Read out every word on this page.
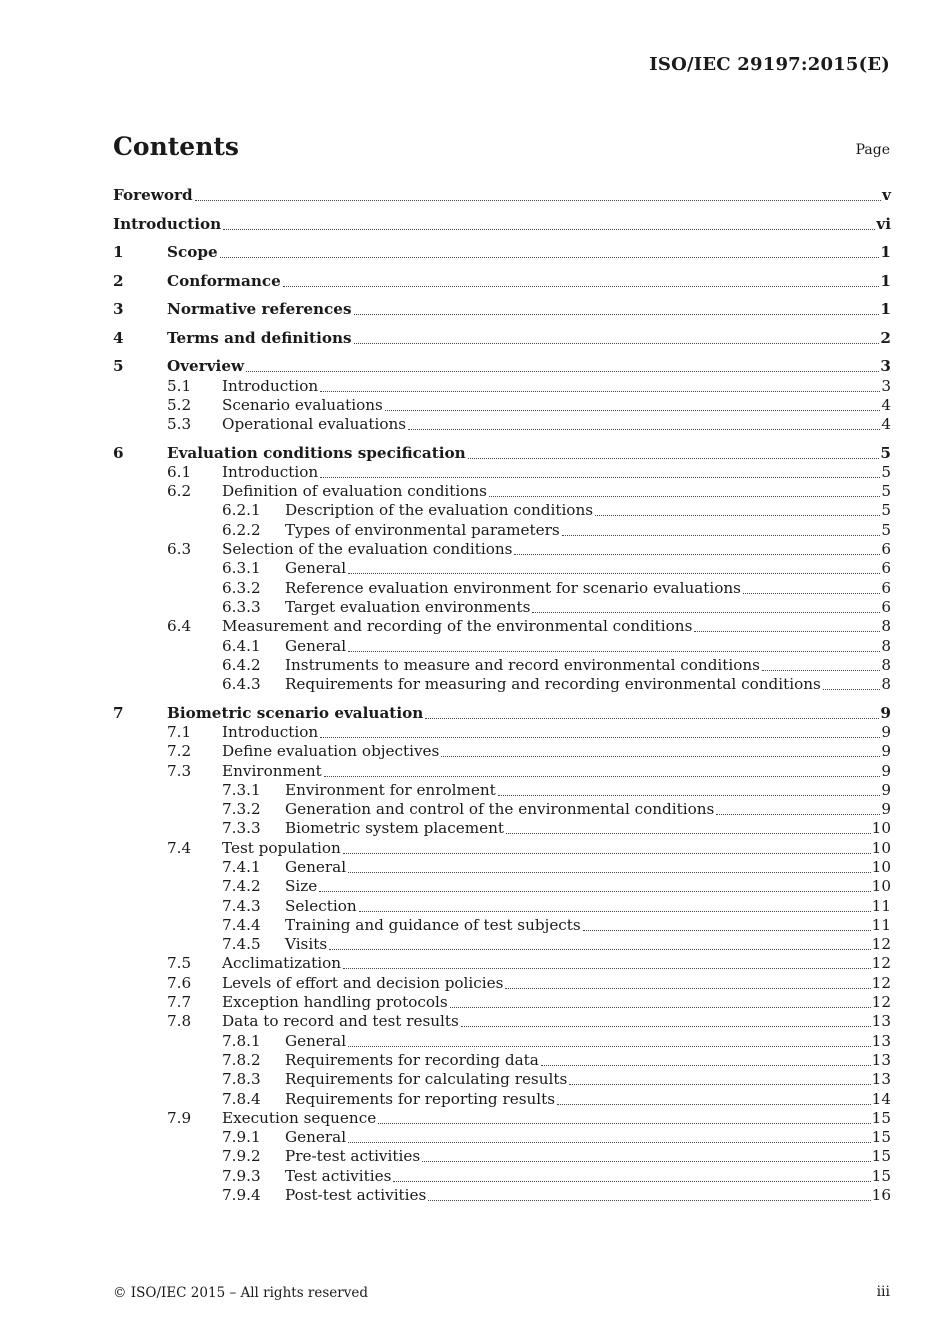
ISO/IEC 29197:2015(E)
Contents	Page
Foreword	v
Introduction	vi
1	Scope	1
2	Conformance	1
3	Normative references	1
4	Terms and definitions	2
5	Overview	3
5.1 Introduction	3
5.2 Scenario evaluations	4
5.3 Operational evaluations	4
6	Evaluation conditions specification	5
6.1 Introduction	5
6.2 Definition of evaluation conditions	5
6.2.1 Description of the evaluation conditions	5
6.2.2 Types of environmental parameters	5
6.3 Selection of the evaluation conditions	6
6.3.1 General	6
6.3.2 Reference evaluation environment for scenario evaluations	6
6.3.3 Target evaluation environments	6
6.4 Measurement and recording of the environmental conditions	8
6.4.1 General	8
6.4.2 Instruments to measure and record environmental conditions	8
6.4.3 Requirements for measuring and recording environmental conditions	8
7	Biometric scenario evaluation	9
7.1 Introduction	9
7.2 Define evaluation objectives	9
7.3 Environment	9
7.3.1 Environment for enrolment	9
7.3.2 Generation and control of the environmental conditions	9
7.3.3 Biometric system placement	10
7.4 Test population	10
7.4.1 General	10
7.4.2 Size	10
7.4.3 Selection	11
7.4.4 Training and guidance of test subjects	11
7.4.5 Visits	12
7.5 Acclimatization	12
7.6 Levels of effort and decision policies	12
7.7 Exception handling protocols	12
7.8 Data to record and test results	13
7.8.1 General	13
7.8.2 Requirements for recording data	13
7.8.3 Requirements for calculating results	13
7.8.4 Requirements for reporting results	14
7.9 Execution sequence	15
7.9.1 General	15
7.9.2 Pre-test activities	15
7.9.3 Test activities	15
7.9.4 Post-test activities	16
© ISO/IEC 2015 – All rights reserved	iii
